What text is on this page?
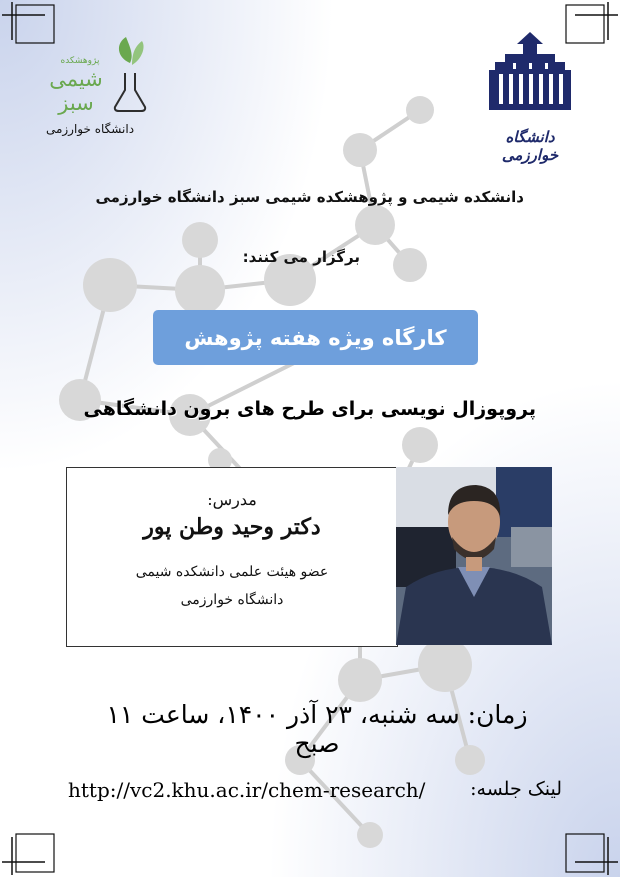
پژوهشکده
شیمی
سبز
دانشگاه خوارزمی	دانشگاه خوارزمی
دانشکده شیمی و پژوهشکده شیمی سبز دانشگاه خوارزمی
برگزار می کنند:
کارگاه ویژه هفته پژوهش
پروپوزال نویسی برای طرح های برون دانشگاهی
مدرس:
دکتر وحید وطن پور
عضو هیئت علمی دانشکده شیمی
دانشگاه خوارزمی
زمان: سه شنبه، ۲۳ آذر ۱۴۰۰، ساعت ۱۱ صبح
لینک جلسه:
http://vc2.khu.ac.ir/chem-research/
